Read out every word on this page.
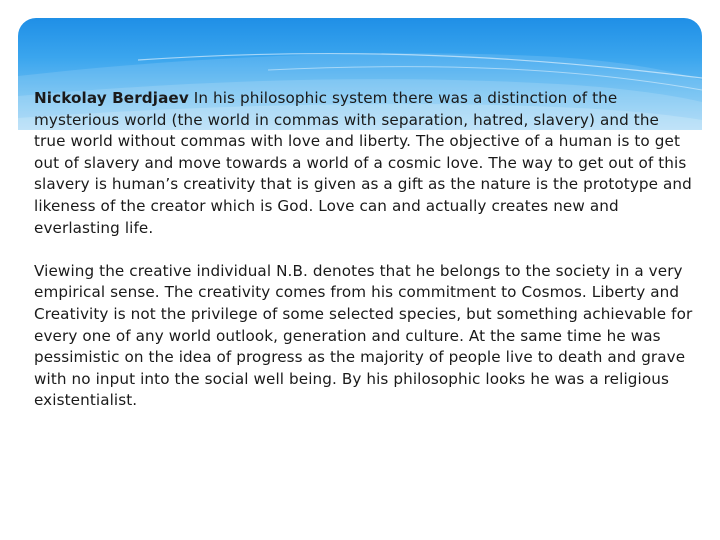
Nickolay Berdjaev In his philosophic system there was a distinction of the mysterious world (the world in commas with separation, hatred, slavery) and the true world without commas with love and liberty. The objective of a human is to get out of slavery and move towards a world of a cosmic love. The way to get out of this slavery is human’s creativity that is given as a gift as the nature is the prototype and likeness of the creator which is God. Love can and actually creates new and everlasting life.

Viewing the creative individual N.B. denotes that he belongs to the society in a very empirical sense. The creativity comes from his commitment to Cosmos. Liberty and Creativity is not the privilege of some selected species, but something achievable for every one of any world outlook, generation and culture. At the same time he was pessimistic on the idea of progress as the majority of people live to death and grave with no input into the social well being. By his philosophic looks he was a religious existentialist.
